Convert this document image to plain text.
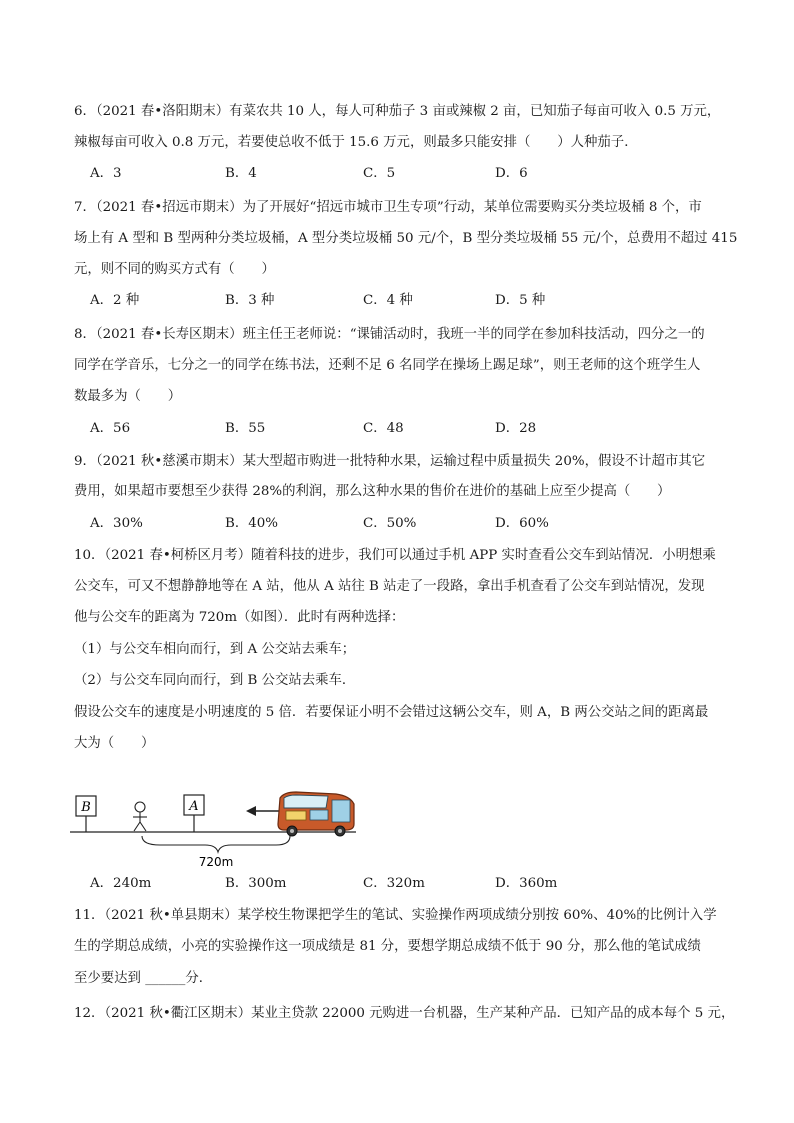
6．（2021 春•洛阳期末）有菜农共 10 人，每人可种茄子 3 亩或辣椒 2 亩，已知茄子每亩可收入 0.5 万元，
辣椒每亩可收入 0.8 万元，若要使总收不低于 15.6 万元，则最多只能安排（　　）人种茄子．
A．3	B．4	C．5	D．6
7．（2021 春•招远市期末）为了开展好“招远市城市卫生专项”行动，某单位需要购买分类垃圾桶 8 个，市
场上有 A 型和 B 型两种分类垃圾桶，A 型分类垃圾桶 50 元/个，B 型分类垃圾桶 55 元/个，总费用不超过 415
元，则不同的购买方式有（　　）
A．2 种	B．3 种	C．4 种	D．5 种
8．（2021 春•长寿区期末）班主任王老师说：“课铺活动时，我班一半的同学在参加科技活动，四分之一的
同学在学音乐，七分之一的同学在练书法，还剩不足 6 名同学在操场上踢足球”，则王老师的这个班学生人
数最多为（　　）
A．56	B．55	C．48	D．28
9．（2021 秋•慈溪市期末）某大型超市购进一批特种水果，运输过程中质量损失 20%，假设不计超市其它
费用，如果超市要想至少获得 28%的利润，那么这种水果的售价在进价的基础上应至少提高（　　）
A．30%	B．40%	C．50%	D．60%
10．（2021 春•柯桥区月考）随着科技的进步，我们可以通过手机 APP 实时查看公交车到站情况．小明想乘
公交车，可又不想静静地等在 A 站，他从 A 站往 B 站走了一段路，拿出手机查看了公交车到站情况，发现
他与公交车的距离为 720m（如图）．此时有两种选择：
（1）与公交车相向而行，到 A 公交站去乘车；
（2）与公交车同向而行，到 B 公交站去乘车．
假设公交车的速度是小明速度的 5 倍．若要保证小明不会错过这辆公交车，则 A，B 两公交站之间的距离最
大为（　　）
B	A
720m
A．240m	B．300m	C．320m	D．360m
11．（2021 秋•单县期末）某学校生物课把学生的笔试、实验操作两项成绩分别按 60%、40%的比例计入学
生的学期总成绩，小亮的实验操作这一项成绩是 81 分，要想学期总成绩不低于 90 分，那么他的笔试成绩
至少要达到 ______分．
12．（2021 秋•衢江区期末）某业主贷款 22000 元购进一台机器，生产某种产品．已知产品的成本每个 5 元，
